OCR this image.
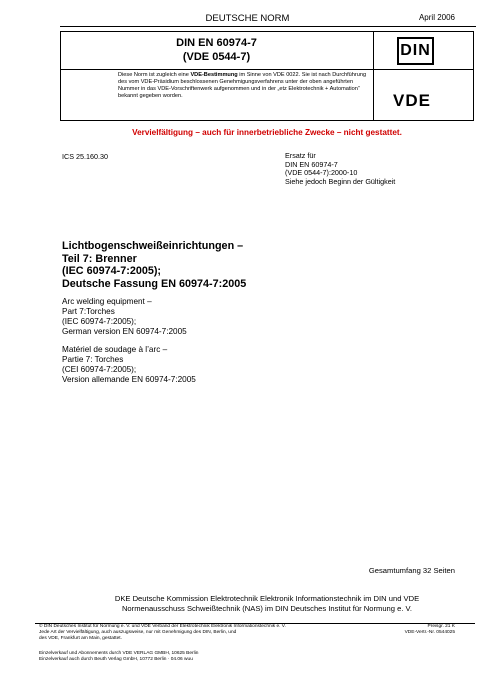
DEUTSCHE NORM	April 2006
DIN EN 60974-7
(VDE 0544-7)
Diese Norm ist zugleich eine VDE-Bestimmung im Sinne von VDE 0022. Sie ist nach Durchführung des vom VDE-Präsidium beschlossenen Genehmigungsverfahrens unter der oben angeführten Nummer in das VDE-Vorschriftenwerk aufgenommen und in der „etz Elektrotechnik + Automation“ bekannt gegeben worden.
DIN
VDE
Vervielfältigung – auch für innerbetriebliche Zwecke – nicht gestattet.
ICS 25.160.30	Ersatz für
DIN EN 60974-7
(VDE 0544-7):2000-10
Siehe jedoch Beginn der Gültigkeit
Lichtbogenschweißeinrichtungen –
Teil 7: Brenner
(IEC 60974-7:2005);
Deutsche Fassung EN 60974-7:2005
Arc welding equipment –
Part 7:Torches
(IEC 60974-7:2005);
German version EN 60974-7:2005
Matériel de soudage à l’arc –
Partie 7: Torches
(CEI 60974-7:2005);
Version allemande EN 60974-7:2005
Gesamtumfang 32 Seiten
DKE Deutsche Kommission Elektrotechnik Elektronik Informationstechnik im DIN und VDE
Normenausschuss Schweißtechnik (NAS) im DIN Deutsches Institut für Normung e. V.
© DIN Deutsches Institut für Normung e. V. und VDE Verband der Elektrotechnik Elektronik Informationstechnik e. V.
Jede Art der Vervielfältigung, auch auszugsweise, nur mit Genehmigung des DIN, Berlin, und
des VDE, Frankfurt am Main, gestattet.
Preisgr. 21 K
VDE-Vertr.-Nr. 0544025
Einzelverkauf und Abonnements durch VDE VERLAG GMBH, 10625 Berlin
Einzelverkauf auch durch Beuth Verlag GmbH, 10772 Berlin · 04.06 wuu
